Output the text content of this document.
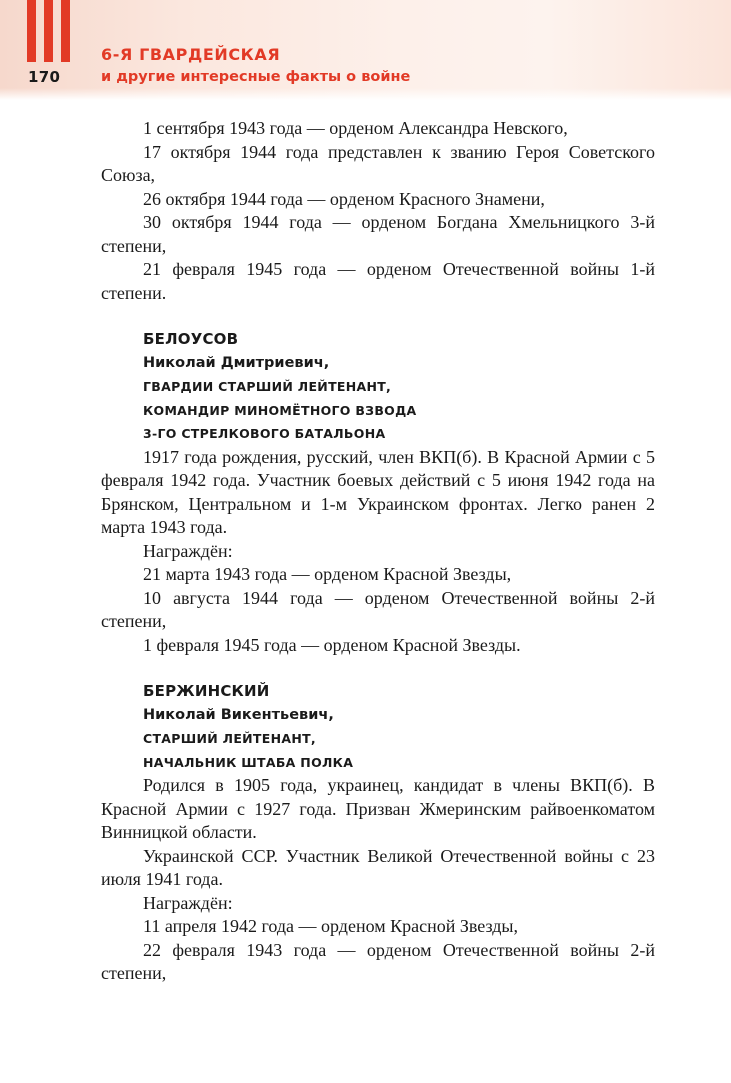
170
6-Я ГВАРДЕЙСКАЯ
и другие интересные факты о войне

1 сентября 1943 года — орденом Александра Невского,

17 октября 1944 года представлен к званию Героя Советского Союза,

26 октября 1944 года — орденом Красного Знамени,

30 октября 1944 года — орденом Богдана Хмельницкого 3-й степени,

21 февраля 1945 года — орденом Отечественной войны 1-й степени.

БЕЛОУСОВ

Николай Дмитриевич,

ГВАРДИИ СТАРШИЙ ЛЕЙТЕНАНТ,

КОМАНДИР МИНОМЁТНОГО ВЗВОДА

3-ГО СТРЕЛКОВОГО БАТАЛЬОНА

1917 года рождения, русский, член ВКП(б). В Красной Армии с 5 февраля 1942 года. Участник боевых действий с 5 июня 1942 года на Брянском, Центральном и 1-м Украинском фронтах. Легко ранен 2 марта 1943 года.

Награждён:

21 марта 1943 года — орденом Красной Звезды,

10 августа 1944 года — орденом Отечественной войны 2-й степени,

1 февраля 1945 года — орденом Красной Звезды.

БЕРЖИНСКИЙ

Николай Викентьевич,

СТАРШИЙ ЛЕЙТЕНАНТ,

НАЧАЛЬНИК ШТАБА ПОЛКА

Родился в 1905 года, украинец, кандидат в члены ВКП(б). В Красной Армии с 1927 года. Призван Жмеринским райвоенкоматом Винницкой области.

Украинской ССР. Участник Великой Отечественной войны с 23 июля 1941 года.

Награждён:

11 апреля 1942 года — орденом Красной Звезды,

22 февраля 1943 года — орденом Отечественной войны 2-й степени,
